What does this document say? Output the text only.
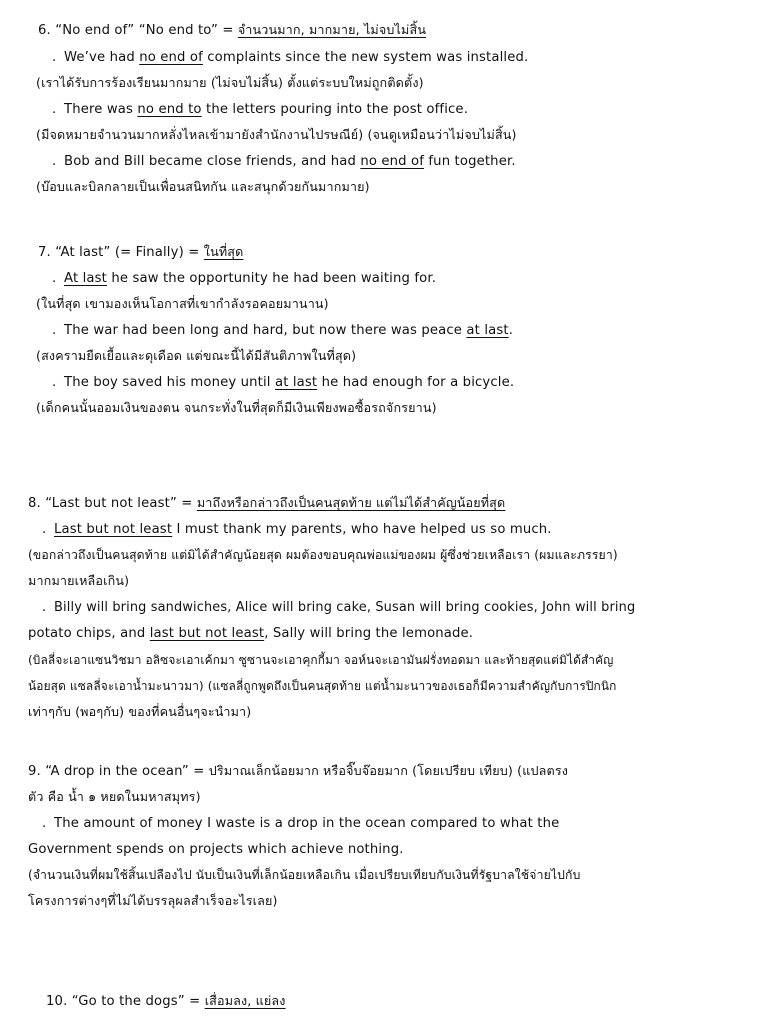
6. “No end of” “No end to” = จำนวนมาก, มากมาย, ไม่จบไม่สิ้น
. We’ve had no end of complaints since the new system was installed.
(เราได้รับการร้องเรียนมากมาย (ไม่จบไม่สิ้น) ตั้งแต่ระบบใหม่ถูกติดตั้ง)
. There was no end to the letters pouring into the post office.
(มีจดหมายจำนวนมากหลั่งไหลเข้ามายังสำนักงานไปรษณีย์) (จนดูเหมือนว่าไม่จบไม่สิ้น)
. Bob and Bill became close friends, and had no end of fun together.
(บ๊อบและบิลกลายเป็นเพื่อนสนิทกัน และสนุกด้วยกันมากมาย)
7. “At last” (= Finally) = ในที่สุด
. At last he saw the opportunity he had been waiting for.
(ในที่สุด เขามองเห็นโอกาสที่เขากำลังรอคอยมานาน)
. The war had been long and hard, but now there was peace at last.
(สงครามยืดเยื้อและดุเดือด แต่ขณะนี้ได้มีสันติภาพในที่สุด)
. The boy saved his money until at last he had enough for a bicycle.
(เด็กคนนั้นออมเงินของตน จนกระทั่งในที่สุดก็มีเงินเพียงพอซื้อรถจักรยาน)
8. “Last but not least” = มาถึงหรือกล่าวถึงเป็นคนสุดท้าย แต่ไม่ได้สำคัญน้อยที่สุด
. Last but not least I must thank my parents, who have helped us so much.
(ขอกล่าวถึงเป็นคนสุดท้าย แต่มิได้สำคัญน้อยสุด ผมต้องขอบคุณพ่อแม่ของผม ผู้ซึ่งช่วยเหลือเรา (ผมและภรรยา)
มากมายเหลือเกิน)
. Billy will bring sandwiches, Alice will bring cake, Susan will bring cookies, John will bring
potato chips, and last but not least, Sally will bring the lemonade.
(บิลลี่จะเอาแซนวิชมา อลิซจะเอาเค้กมา ซูซานจะเอาคุกกี้มา จอห์นจะเอามันฝรั่งทอดมา และท้ายสุดแต่มิได้สำคัญ
น้อยสุด แซลลี่จะเอาน้ำมะนาวมา) (แซลลี่ถูกพูดถึงเป็นคนสุดท้าย แต่น้ำมะนาวของเธอก็มีความสำคัญกับการปิกนิก
เท่าๆกับ (พอๆกับ) ของที่คนอื่นๆจะนำมา)
9. “A drop in the ocean” = ปริมาณเล็กน้อยมาก หรือจิ๊บจ๊อยมาก (โดยเปรียบ เทียบ) (แปลตรง
ตัว คือ น้ำ ๑ หยดในมหาสมุทร)
. The amount of money I waste is a drop in the ocean compared to what the
Government spends on projects which achieve nothing.
(จำนวนเงินที่ผมใช้สิ้นเปลืองไป นับเป็นเงินที่เล็กน้อยเหลือเกิน เมื่อเปรียบเทียบกับเงินที่รัฐบาลใช้จ่ายไปกับ
โครงการต่างๆที่ไม่ได้บรรลุผลสำเร็จอะไรเลย)
10. “Go to the dogs” = เสื่อมลง, แย่ลง
